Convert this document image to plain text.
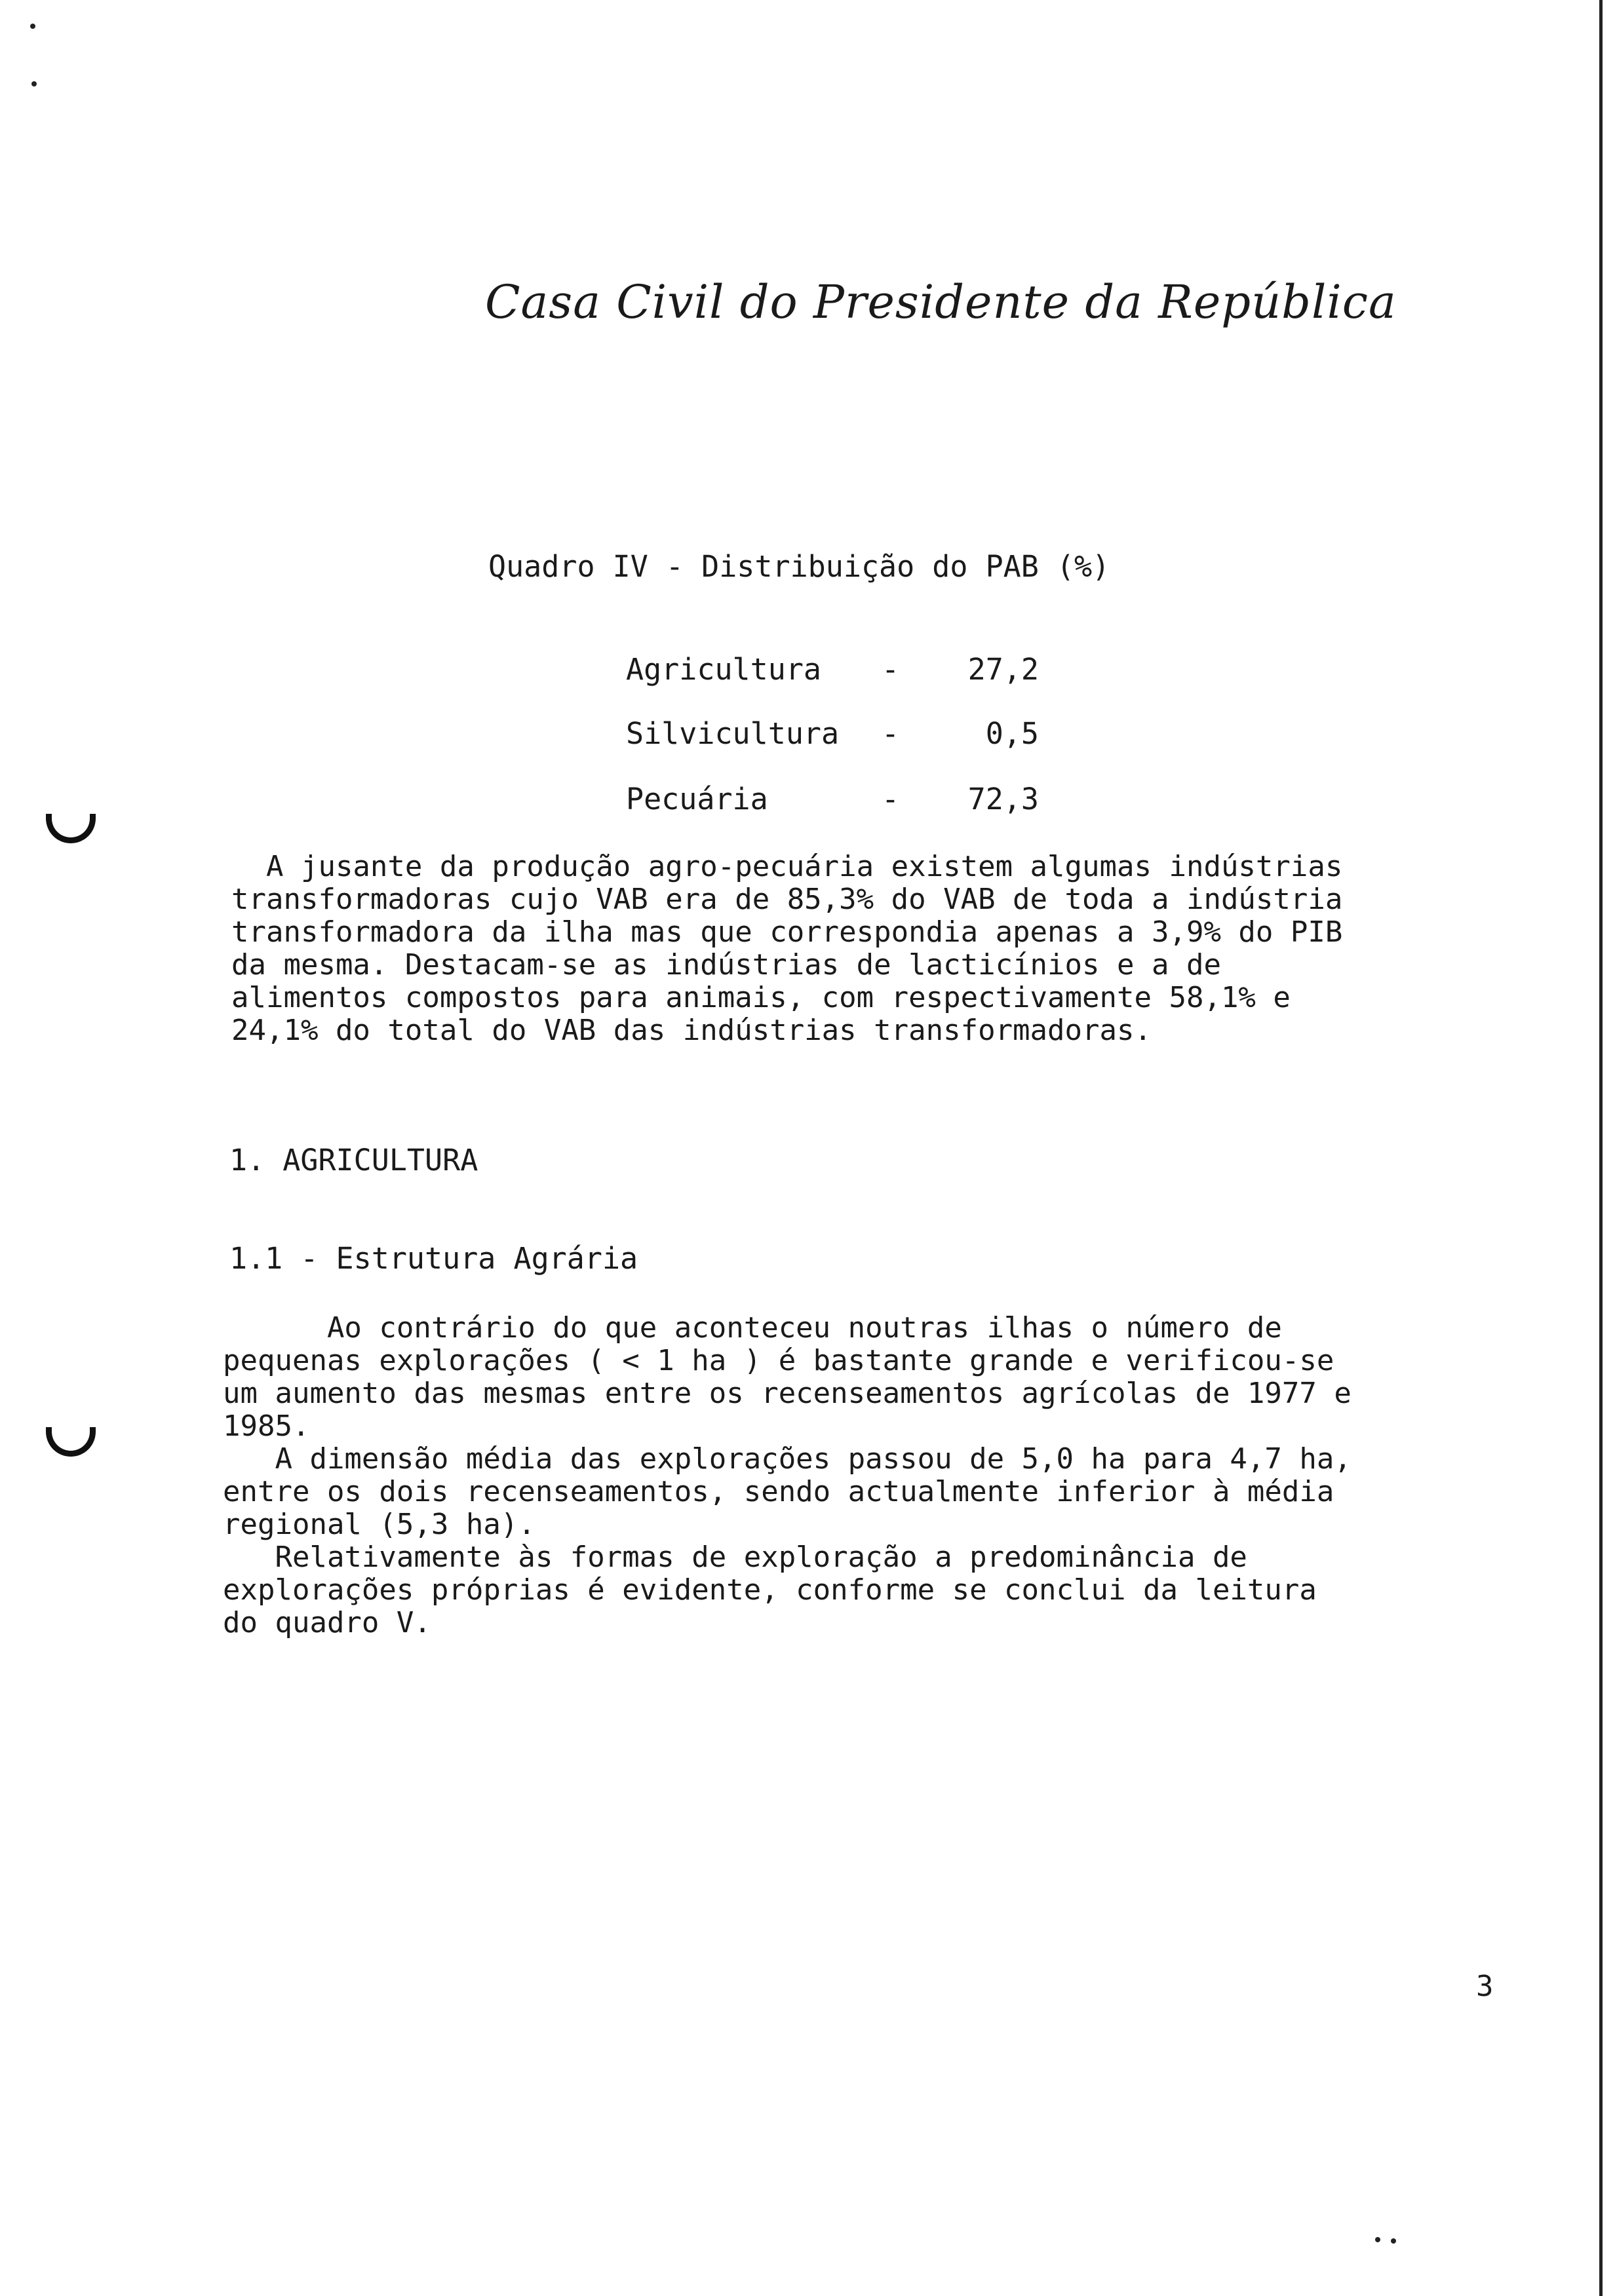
Casa Civil do Presidente da República
Quadro IV - Distribuição do PAB (%)
Agricultura - 27,2
Silvicultura -	0,5
Pecuária	- 72,3
A jusante da produção agro-pecuária existem algumas indústrias
transformadoras cujo VAB era de 85,3% do VAB de toda a indústria
transformadora da ilha mas que correspondia apenas a 3,9% do PIB
da mesma. Destacam-se as indústrias de lacticínios e a de
alimentos compostos para animais, com respectivamente 58,1% e
24,1% do total do VAB das indústrias transformadoras.
1. AGRICULTURA
1.1 - Estrutura Agrária
Ao contrário do que aconteceu noutras ilhas o número de
pequenas explorações ( < 1 ha ) é bastante grande e verificou-se
um aumento das mesmas entre os recenseamentos agrícolas de 1977 e
1985.
A dimensão média das explorações passou de 5,0 ha para 4,7 ha,
entre os dois recenseamentos, sendo actualmente inferior à média
regional (5,3 ha).
Relativamente às formas de exploração a predominância de
explorações próprias é evidente, conforme se conclui da leitura
do quadro V.
3
